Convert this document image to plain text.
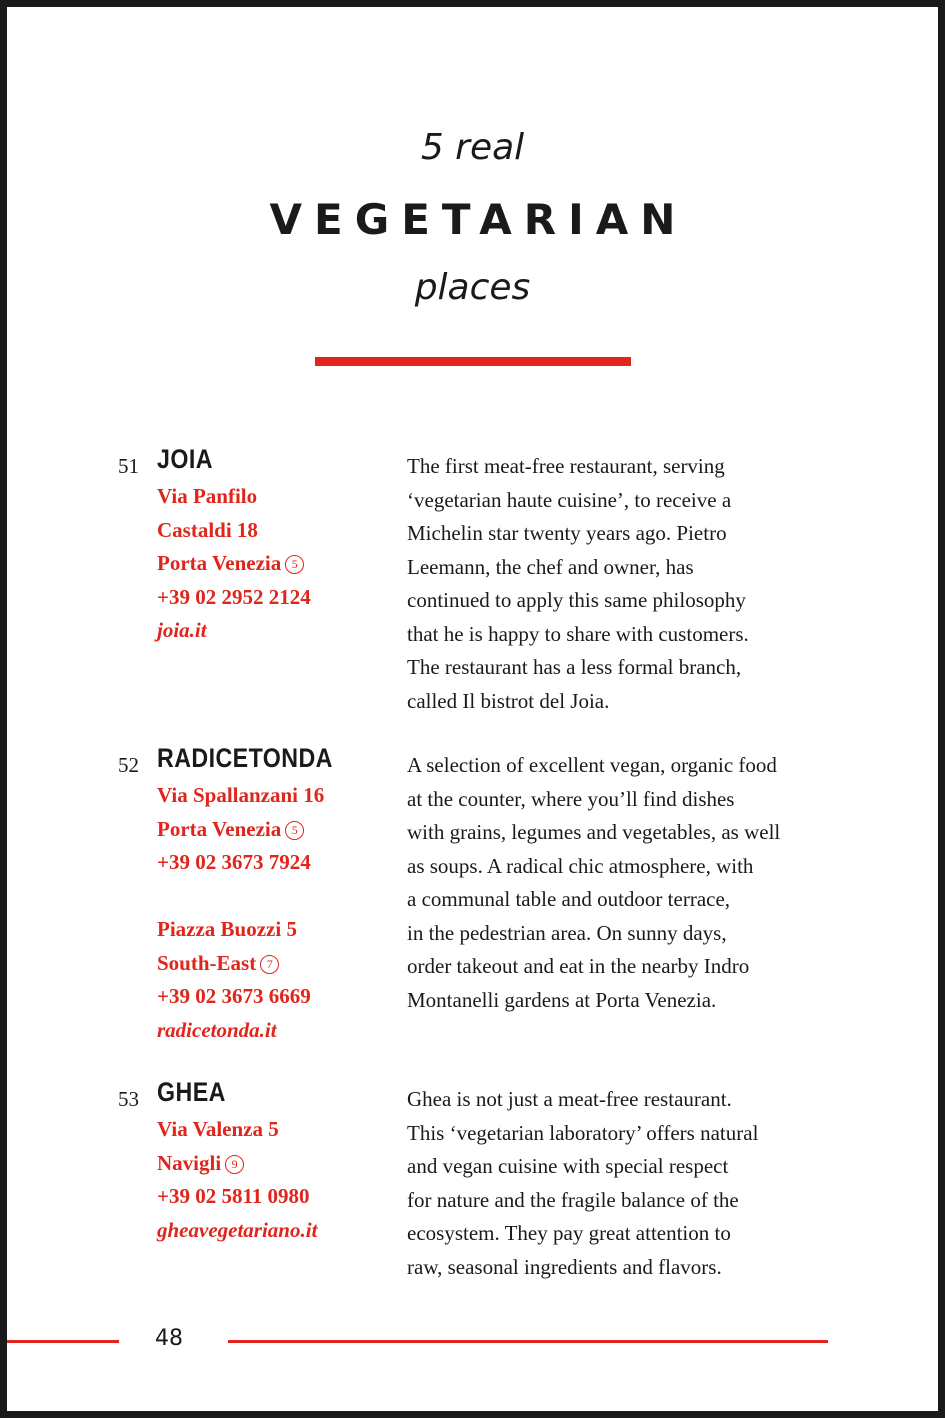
5 real
VEGETARIAN
places
51 JOIA
Via Panfilo
Castaldi 18
Porta Venezia 5
+39 02 2952 2124
joia.it
The first meat-free restaurant, serving
‘vegetarian haute cuisine’, to receive a
Michelin star twenty years ago. Pietro
Leemann, the chef and owner, has
continued to apply this same philosophy
that he is happy to share with customers.
The restaurant has a less formal branch,
called Il bistrot del Joia.
52 RADICETONDA
Via Spallanzani 16
Porta Venezia 5
+39 02 3673 7924
Piazza Buozzi 5
South-East 7
+39 02 3673 6669
radicetonda.it
A selection of excellent vegan, organic food
at the counter, where you’ll find dishes
with grains, legumes and vegetables, as well
as soups. A radical chic atmosphere, with
a communal table and outdoor terrace,
in the pedestrian area. On sunny days,
order takeout and eat in the nearby Indro
Montanelli gardens at Porta Venezia.
53 GHEA
Via Valenza 5
Navigli 9
+39 02 5811 0980
gheavegetariano.it
Ghea is not just a meat-free restaurant.
This ‘vegetarian laboratory’ offers natural
and vegan cuisine with special respect
for nature and the fragile balance of the
ecosystem. They pay great attention to
raw, seasonal ingredients and flavors.
48
